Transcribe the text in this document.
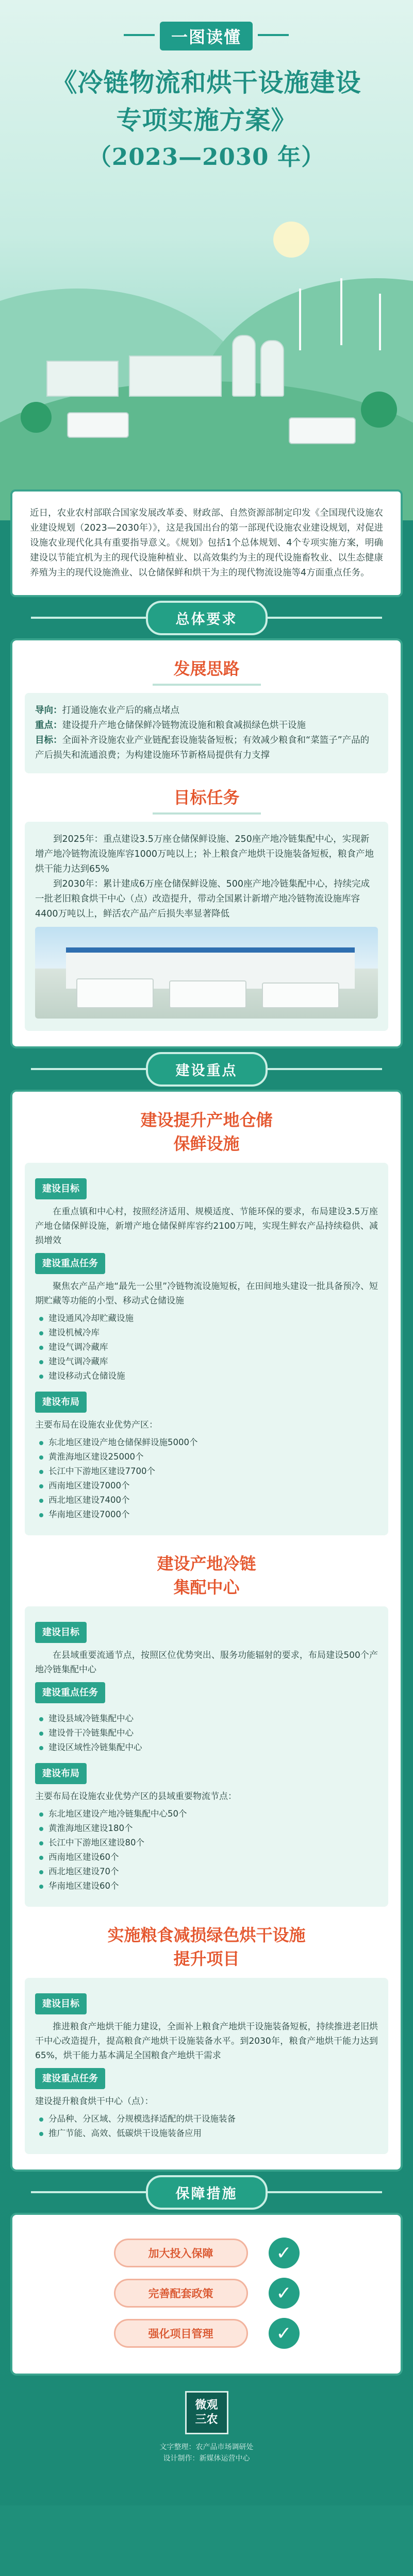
一图读懂
《冷链物流和烘干设施建设
专项实施方案》
（2023—2030 年）
近日，农业农村部联合国家发展改革委、财政部、自然资源部制定印发《全国现代设施农业建设规划（2023—2030年）》，这是我国出台的第一部现代设施农业建设规划，对促进设施农业现代化具有重要指导意义。《规划》包括1个总体规划、4个专项实施方案，明确建设以节能宜机为主的现代设施种植业、以高效集约为主的现代设施畜牧业、以生态健康养殖为主的现代设施渔业、以仓储保鲜和烘干为主的现代物流设施等4方面重点任务。
总体要求
发展思路

导向：打通设施农业产后的痛点堵点

重点：建设提升产地仓储保鲜冷链物流设施和粮食减损绿色烘干设施

目标：全面补齐设施农业产业链配套设施装备短板；有效减少粮食和“菜篮子”产品的产后损失和流通浪费；为构建设施环节新格局提供有力支撑

目标任务

到2025年：重点建设3.5万座仓储保鲜设施、250座产地冷链集配中心，实现新增产地冷链物流设施库容1000万吨以上；补上粮食产地烘干设施装备短板，粮食产地烘干能力达到65%

到2030年：累计建成6万座仓储保鲜设施、500座产地冷链集配中心，持续完成一批老旧粮食烘干中心（点）改造提升，带动全国累计新增产地冷链物流设施库容4400万吨以上，鲜活农产品产后损失率显著降低

建设重点
建设提升产地仓储
保鲜设施
建设目标

在重点镇和中心村，按照经济适用、规模适度、节能环保的要求，布局建设3.5万座产地仓储保鲜设施，新增产地仓储保鲜库容约2100万吨，实现生鲜农产品持续稳供、减损增效

建设重点任务

聚焦农产品产地“最先一公里”冷链物流设施短板，在田间地头建设一批具备预冷、短期贮藏等功能的小型、移动式仓储设施

建设通风冷却贮藏设施
建设机械冷库
建设气调冷藏库
建设气调冷藏库
建设移动式仓储设施
建设布局

主要布局在设施农业优势产区：

东北地区建设产地仓储保鲜设施5000个
黄淮海地区建设25000个
长江中下游地区建设7700个
西南地区建设7000个
西北地区建设7400个
华南地区建设7000个
建设产地冷链
集配中心
建设目标

在县域重要流通节点，按照区位优势突出、服务功能辐射的要求，布局建设500个产地冷链集配中心

建设重点任务
建设县域冷链集配中心
建设骨干冷链集配中心
建设区域性冷链集配中心
建设布局

主要布局在设施农业优势产区的县域重要物流节点：

东北地区建设产地冷链集配中心50个
黄淮海地区建设180个
长江中下游地区建设80个
西南地区建设60个
西北地区建设70个
华南地区建设60个
实施粮食减损绿色烘干设施
提升项目
建设目标

推进粮食产地烘干能力建设，全面补上粮食产地烘干设施装备短板，持续推进老旧烘干中心改造提升，提高粮食产地烘干设施装备水平。到2030年，粮食产地烘干能力达到65%，烘干能力基本满足全国粮食产地烘干需求

建设重点任务

建设提升粮食烘干中心（点）：

分品种、分区域、分规模选择适配的烘干设施装备
推广节能、高效、低碳烘干设施装备应用
保障措施
加大投入保障	✓
完善配套政策	✓
强化项目管理	✓
微观
三农
文字整理：农产品市场调研处
设计制作：新媒体运营中心
